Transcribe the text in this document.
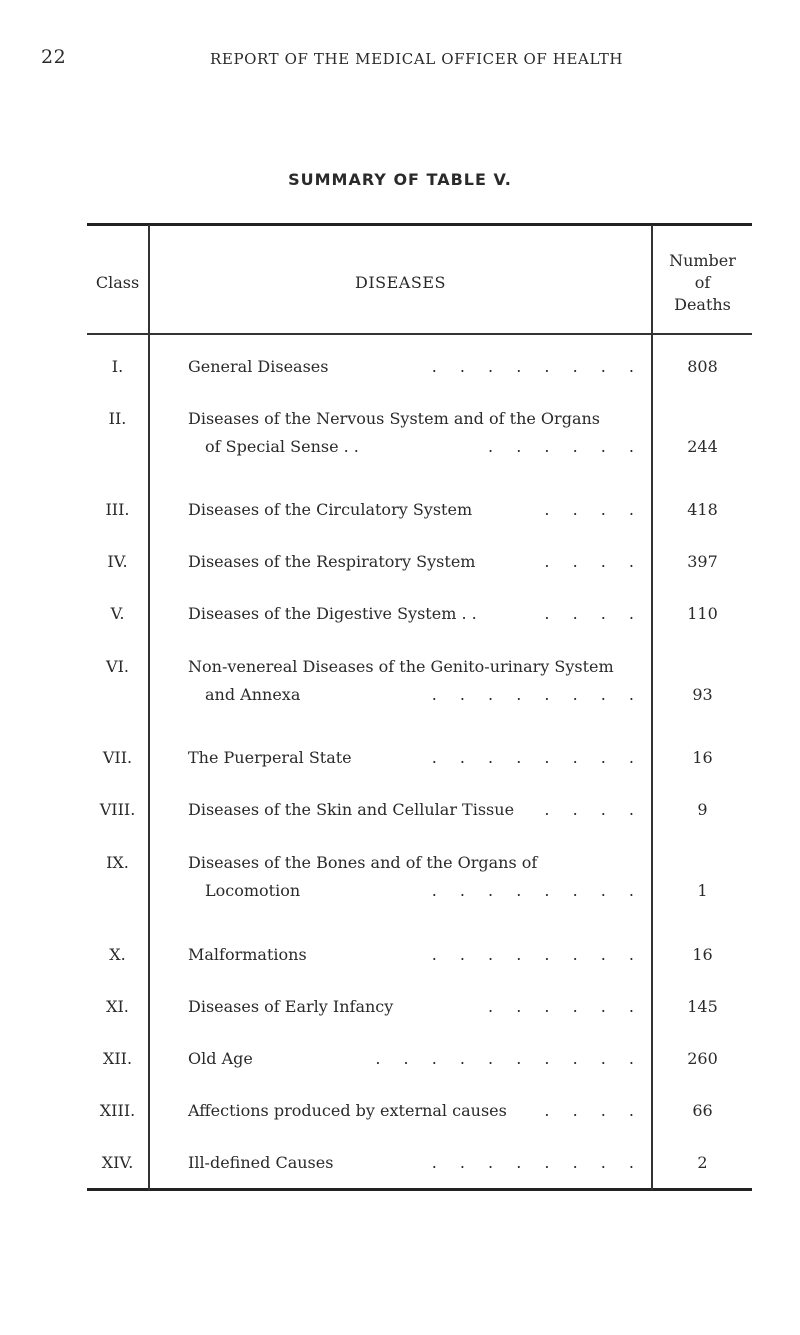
22	REPORT OF THE MEDICAL OFFICER OF HEALTH
SUMMARY OF TABLE V.
Class	DISEASES
Number
of
Deaths
I.	General Diseases	. . . . . . . .	808
II.	Diseases of the Nervous System and of the Organs
of Special Sense . .	. . . . . .	244
III.	Diseases of the Circulatory System	. . . .	418
IV.	Diseases of the Respiratory System	. . . .	397
V.	Diseases of the Digestive System . .	. . . .	110
VI.	Non-venereal Diseases of the Genito-urinary System
and Annexa	. . . . . . . .	93
VII.	The Puerperal State	. . . . . . . .	16
VIII.	Diseases of the Skin and Cellular Tissue	. . . .	9
IX.	Diseases of the Bones and of the Organs of
Locomotion	. . . . . . . .	1
X.	Malformations	. . . . . . . .	16
XI.	Diseases of Early Infancy	. . . . . .	145
XII.	Old Age	. . . . . . . . . .	260
XIII.	Affections produced by external causes	. . . .	66
XIV.	Ill-defined Causes	. . . . . . . .	2
